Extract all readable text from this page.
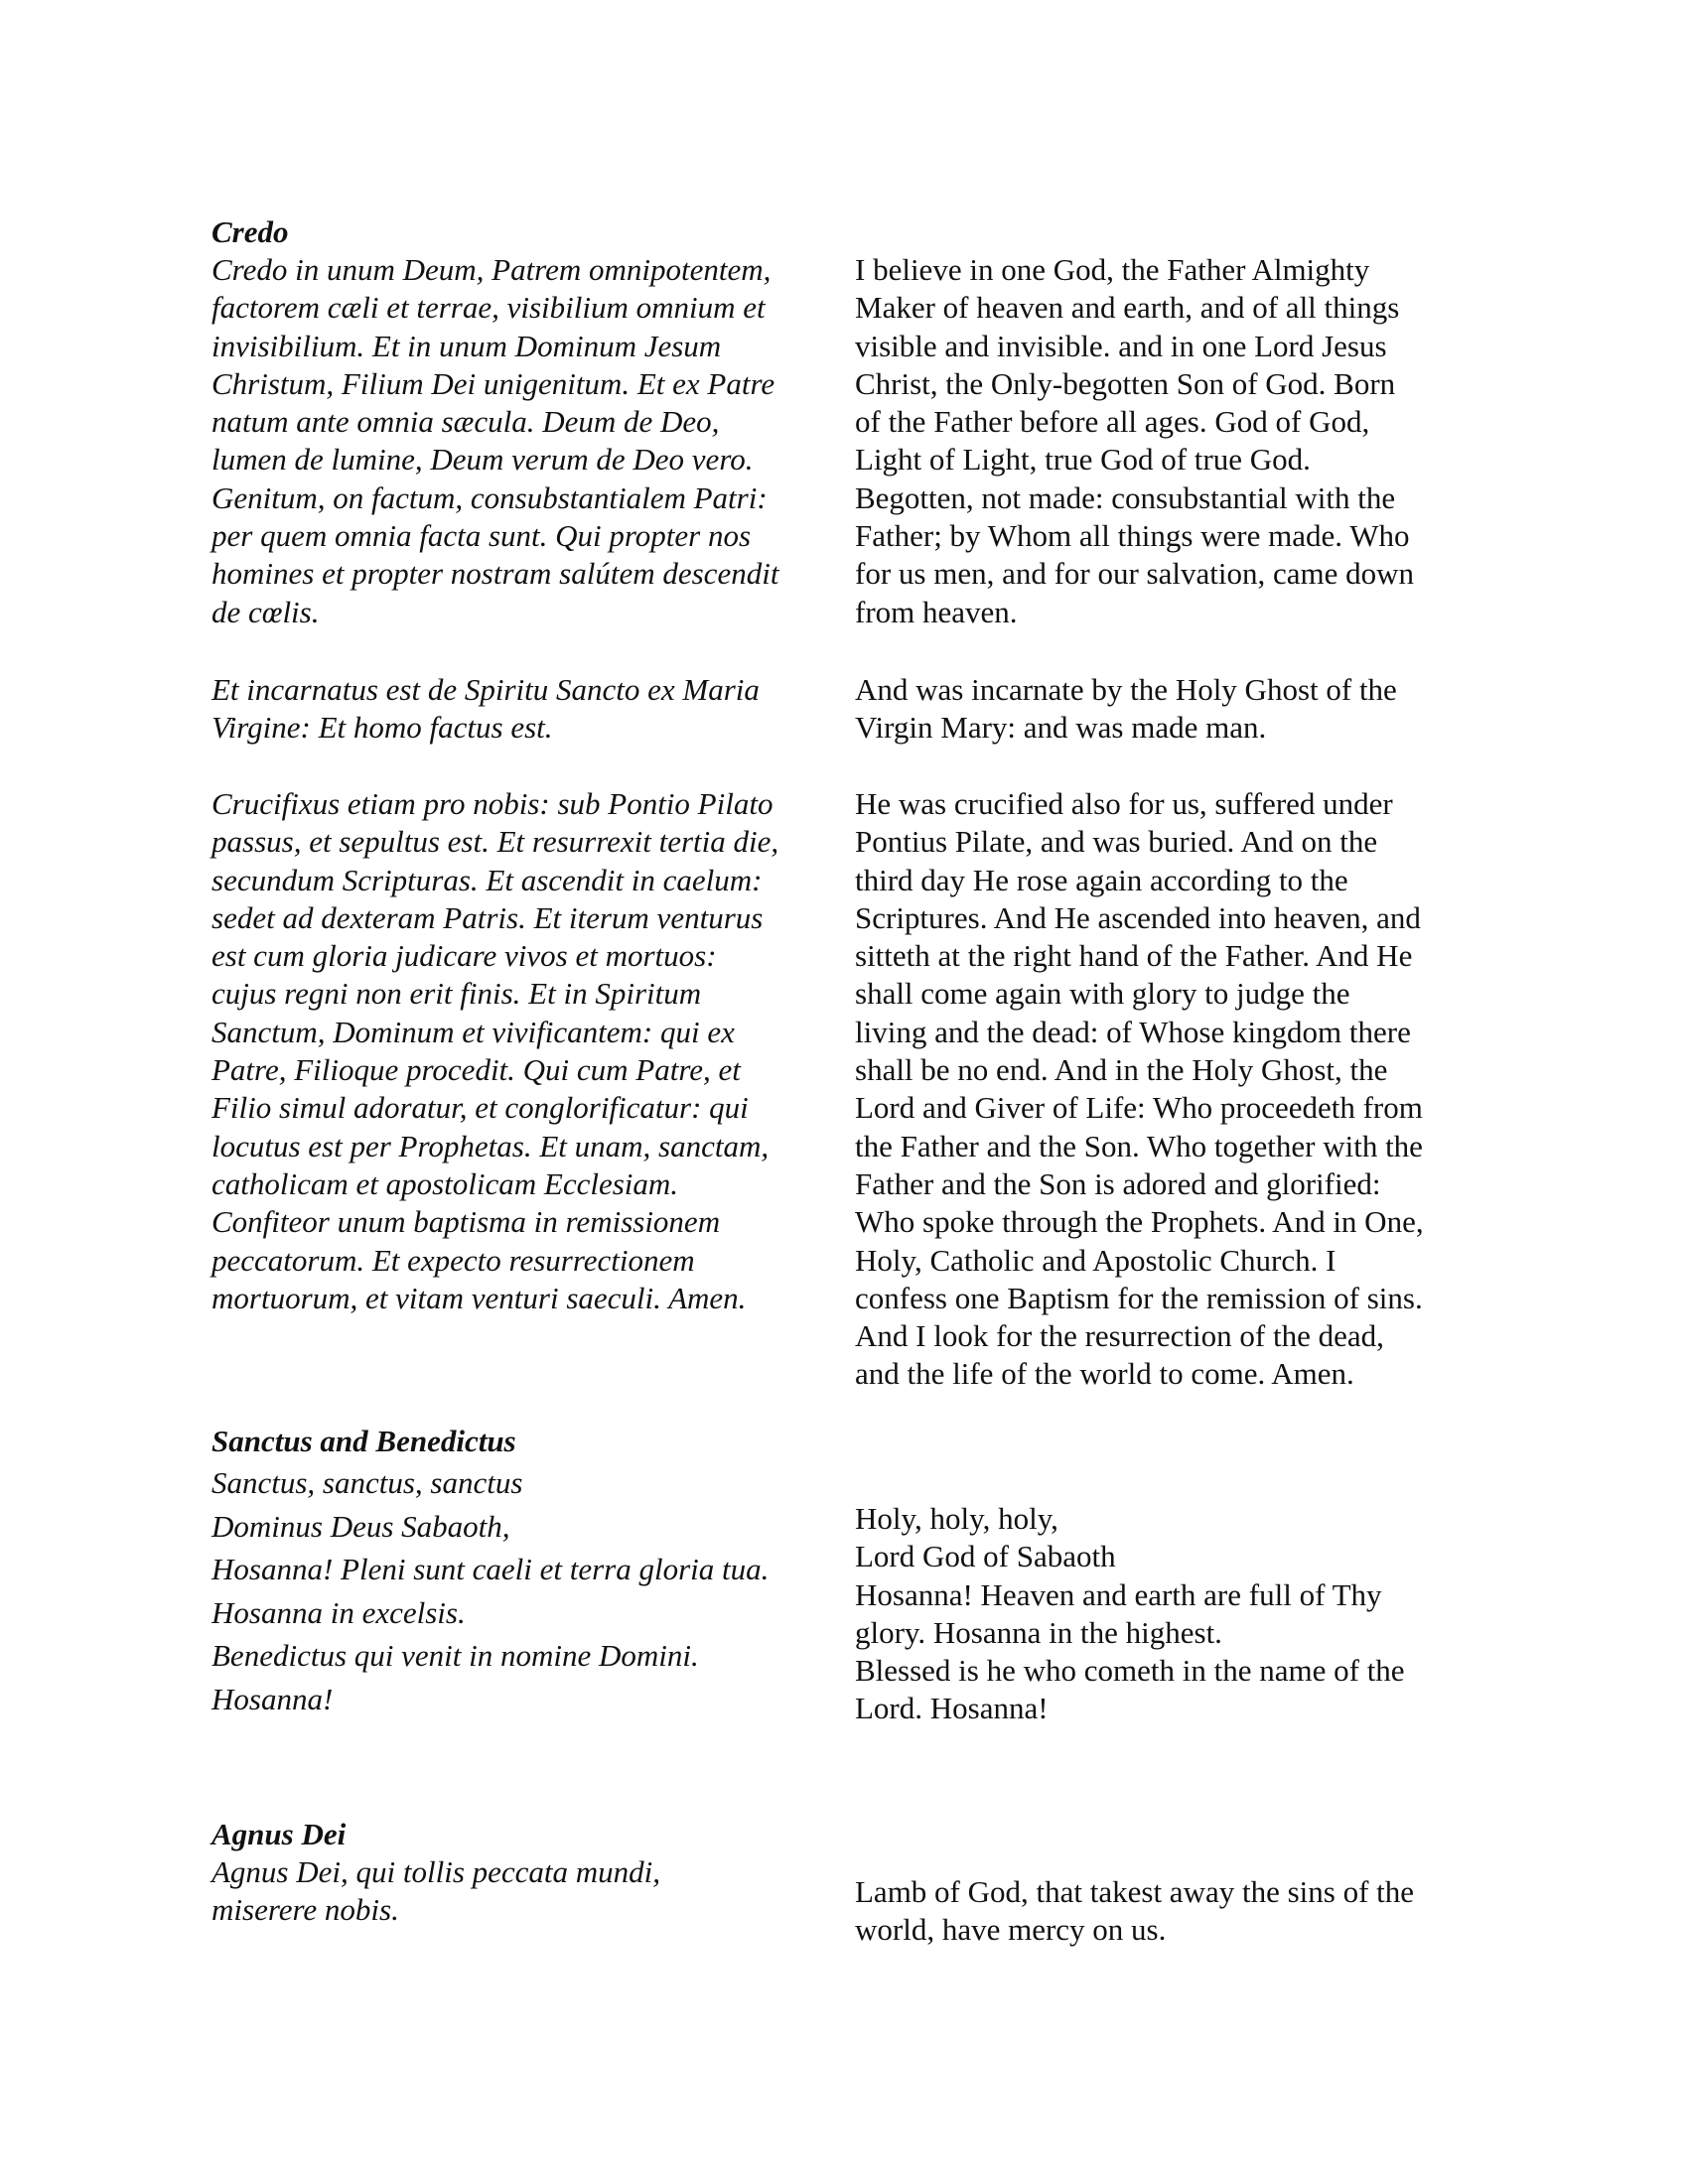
Credo
Credo in unum Deum, Patrem omnipotentem,
factorem cæli et terrae, visibilium omnium et
invisibilium. Et in unum Dominum Jesum
Christum, Filium Dei unigenitum. Et ex Patre
natum ante omnia sæcula. Deum de Deo,
lumen de lumine, Deum verum de Deo vero.
Genitum, on factum, consubstantialem Patri:
per quem omnia facta sunt. Qui propter nos
homines et propter nostram salútem descendit
de cœlis.
Et incarnatus est de Spiritu Sancto ex Maria
Virgine: Et homo factus est.
Crucifixus etiam pro nobis: sub Pontio Pilato
passus, et sepultus est. Et resurrexit tertia die,
secundum Scripturas. Et ascendit in caelum:
sedet ad dexteram Patris. Et iterum venturus
est cum gloria judicare vivos et mortuos:
cujus regni non erit finis. Et in Spiritum
Sanctum, Dominum et vivificantem: qui ex
Patre, Filioque procedit. Qui cum Patre, et
Filio simul adoratur, et conglorificatur: qui
locutus est per Prophetas. Et unam, sanctam,
catholicam et apostolicam Ecclesiam.
Confiteor unum baptisma in remissionem
peccatorum. Et expecto resurrectionem
mortuorum, et vitam venturi saeculi. Amen.
I believe in one God, the Father Almighty
Maker of heaven and earth, and of all things
visible and invisible. and in one Lord Jesus
Christ, the Only-begotten Son of God. Born
of the Father before all ages. God of God,
Light of Light, true God of true God.
Begotten, not made: consubstantial with the
Father; by Whom all things were made. Who
for us men, and for our salvation, came down
from heaven.
And was incarnate by the Holy Ghost of the
Virgin Mary: and was made man.
He was crucified also for us, suffered under
Pontius Pilate, and was buried. And on the
third day He rose again according to the
Scriptures. And He ascended into heaven, and
sitteth at the right hand of the Father. And He
shall come again with glory to judge the
living and the dead: of Whose kingdom there
shall be no end. And in the Holy Ghost, the
Lord and Giver of Life: Who proceedeth from
the Father and the Son. Who together with the
Father and the Son is adored and glorified:
Who spoke through the Prophets. And in One,
Holy, Catholic and Apostolic Church. I
confess one Baptism for the remission of sins.
And I look for the resurrection of the dead,
and the life of the world to come. Amen.
Sanctus and Benedictus
Sanctus, sanctus, sanctus
Dominus Deus Sabaoth,
Hosanna! Pleni sunt caeli et terra gloria tua.
Hosanna in excelsis.
Benedictus qui venit in nomine Domini.
Hosanna!
Holy, holy, holy,
Lord God of Sabaoth
Hosanna! Heaven and earth are full of Thy
glory. Hosanna in the highest.
Blessed is he who cometh in the name of the
Lord. Hosanna!
Agnus Dei
Agnus Dei, qui tollis peccata mundi,
miserere nobis.
Lamb of God, that takest away the sins of the
world, have mercy on us.
